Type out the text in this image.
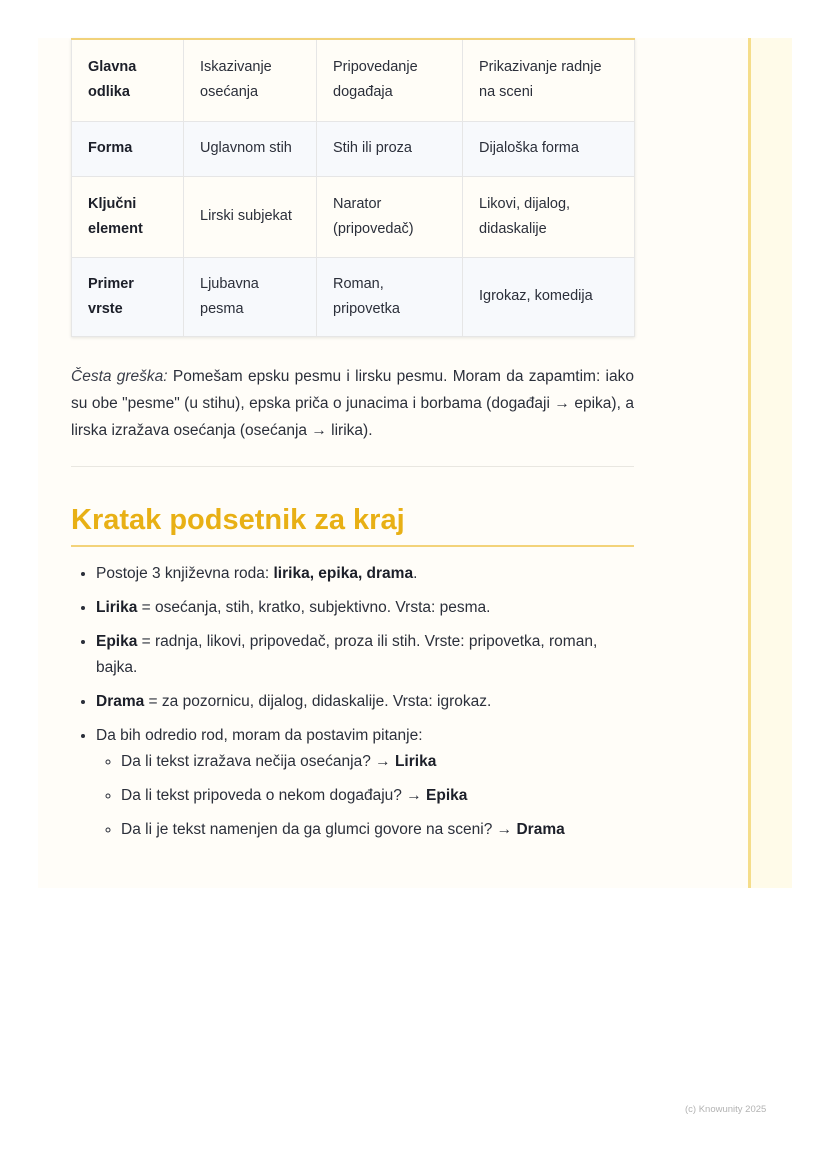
Glavna odlika	Iskazivanje osećanja	Pripovedanje događaja	Prikazivanje radnje na sceni
Forma	Uglavnom stih	Stih ili proza	Dijaloška forma
Ključni element	Lirski subjekat	Narator (pripovedač)	Likovi, dijalog, didaskalije
Primer vrste	Ljubavna pesma	Roman, pripovetka	Igrokaz, komedija

Česta greška: Pomešam epsku pesmu i lirsku pesmu. Moram da zapamtim: iako su obe "pesme" (u stihu), epska priča o junacima i borbama (događaji → epika), a lirska izražava osećanja (osećanja → lirika).

Kratak podsetnik za kraj
• Postoje 3 književna roda: lirika, epika, drama.
• Lirika = osećanja, stih, kratko, subjektivno. Vrsta: pesma.
• Epika = radnja, likovi, pripovedač, proza ili stih. Vrste: pripovetka, roman, bajka.
• Drama = za pozornicu, dijalog, didaskalije. Vrsta: igrokaz.
• Da bih odredio rod, moram da postavim pitanje:
◦ Da li tekst izražava nečija osećanja? → Lirika
◦ Da li tekst pripoveda o nekom događaju? → Epika
◦ Da li je tekst namenjen da ga glumci govore na sceni? → Drama
(c) Knowunity 2025
